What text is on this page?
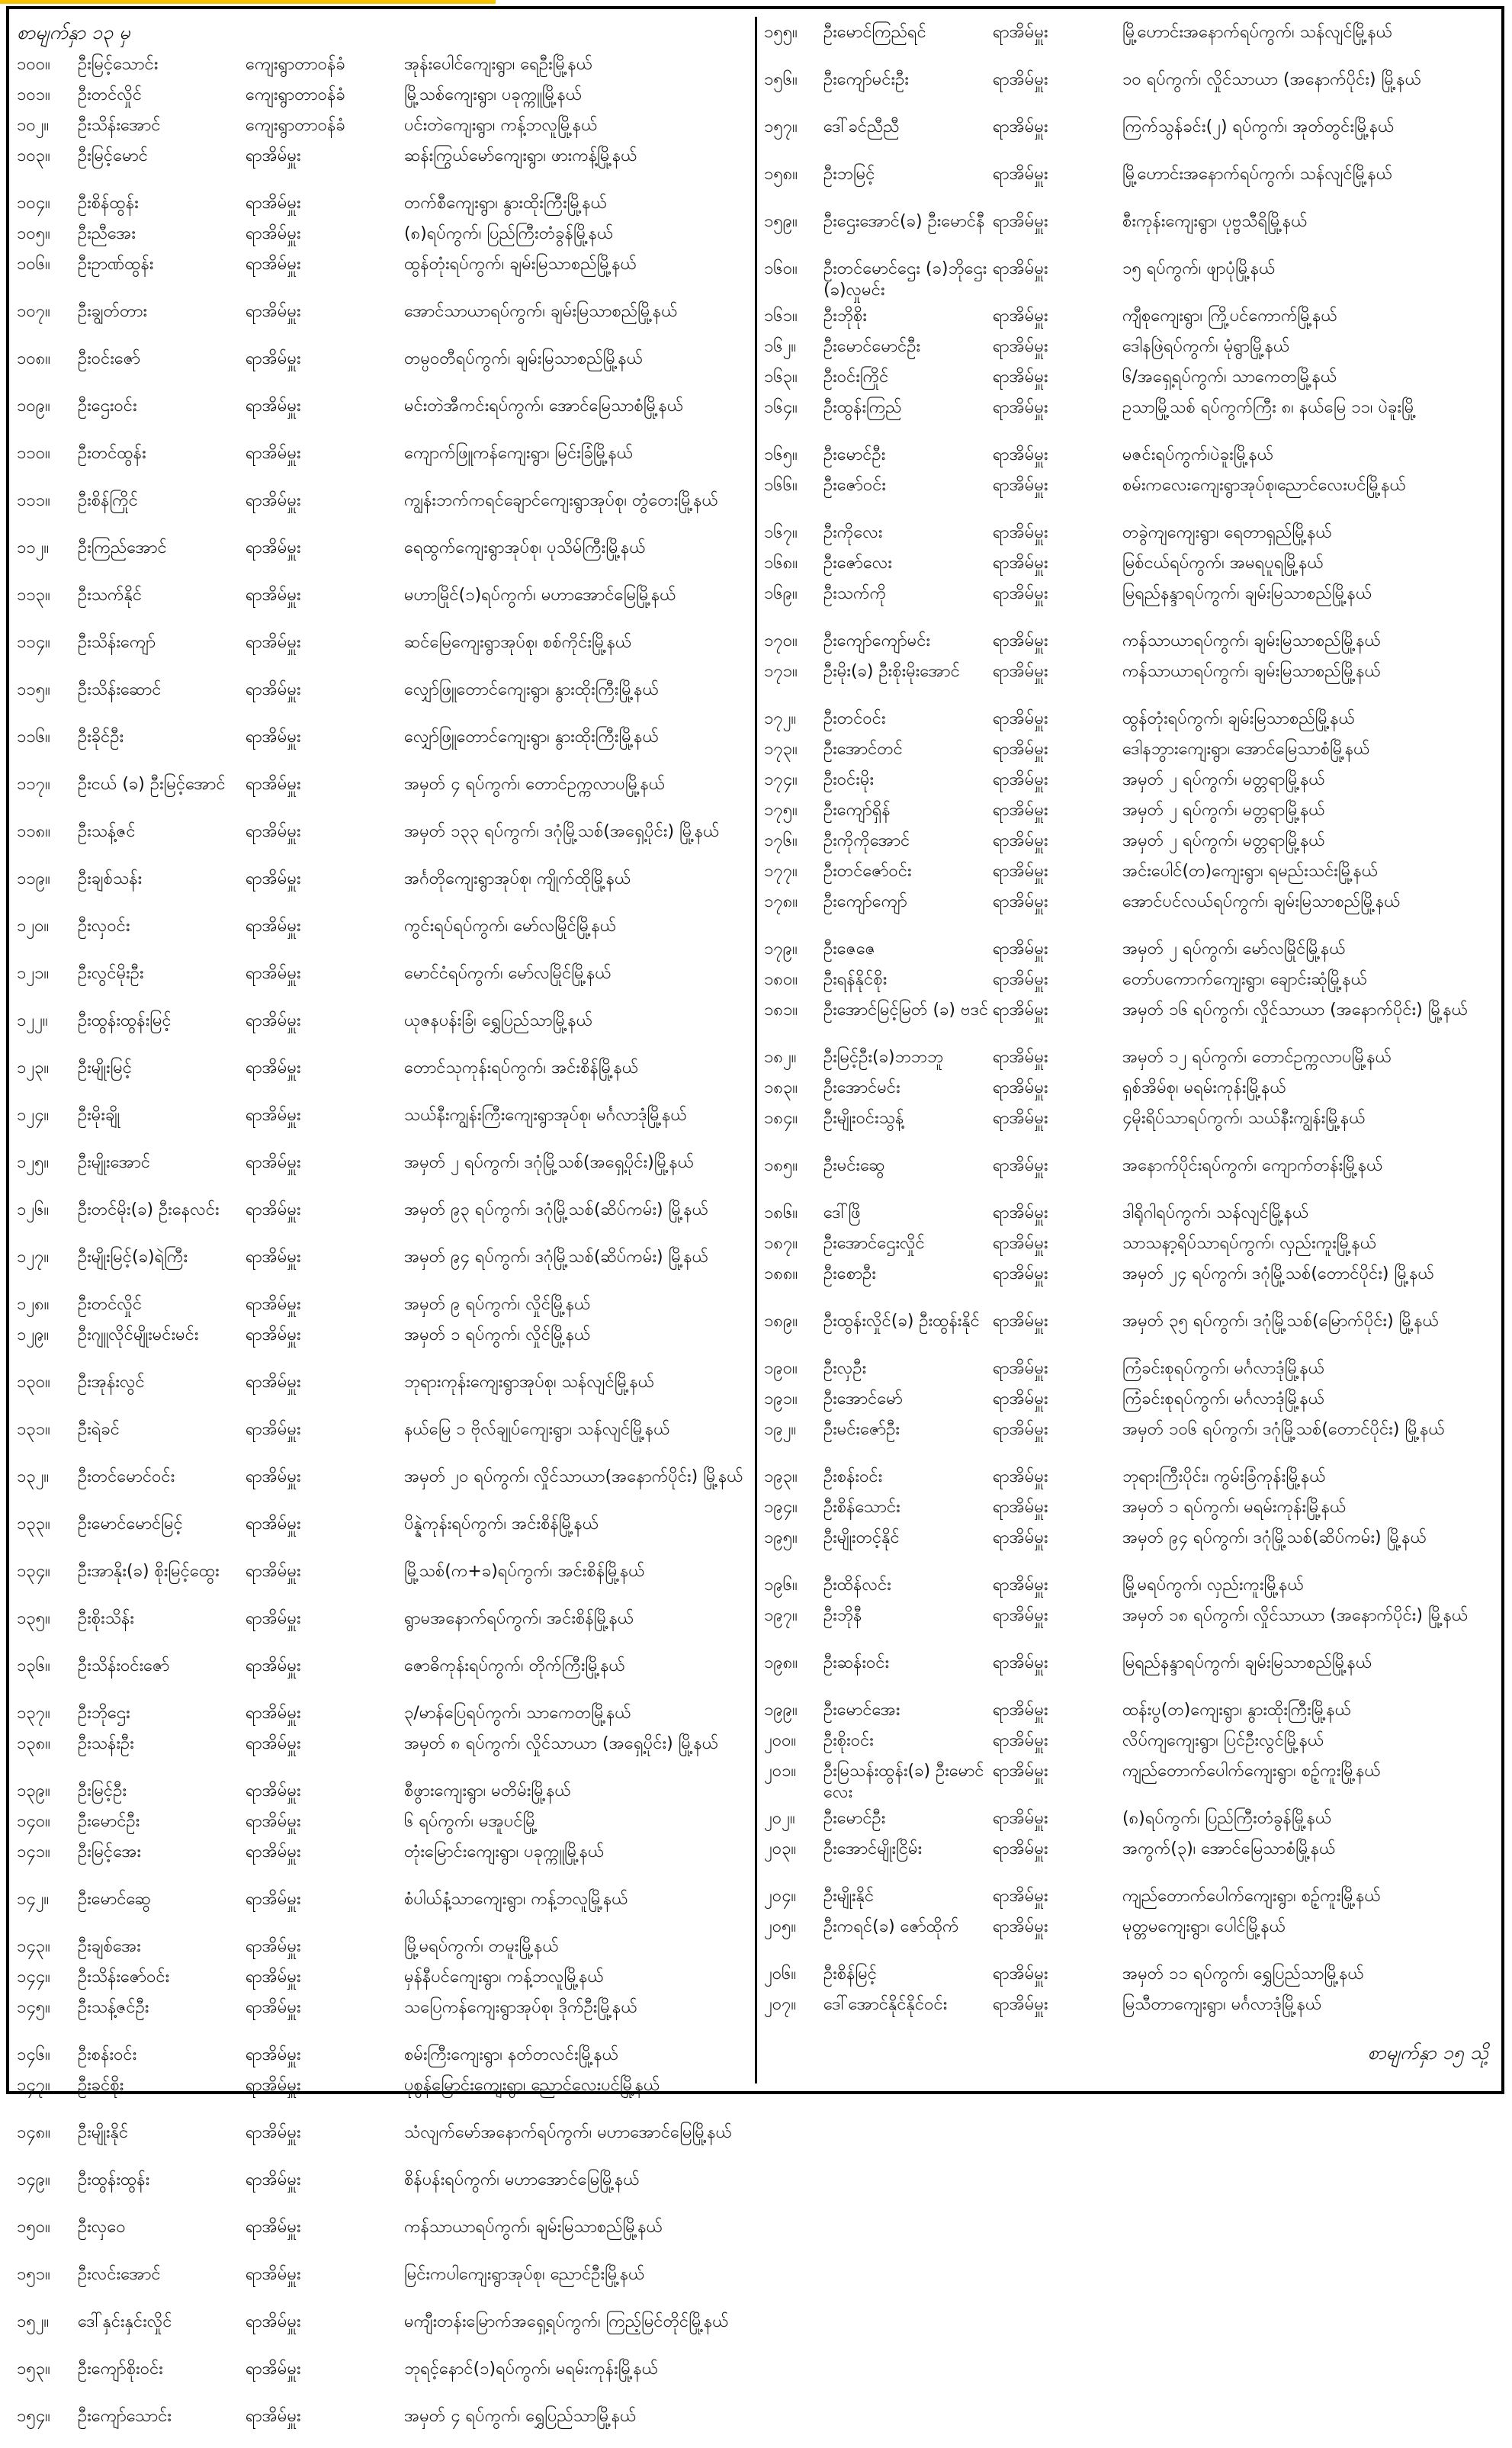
စာမျက်နှာ ၁၃ မှ
၁၀၀။ ဦးမြင့်သောင်း	ကျေးရွာတာဝန်ခံ	အုန်းပေါင်ကျေးရွာ၊ ရေဦးမြို့နယ်
၁၀၁။ ဦးတင်လှိုင်	ကျေးရွာတာဝန်ခံ	မြို့သစ်ကျေးရွာ၊ ပခုက္ကူမြို့နယ်
၁၀၂။ ဦးသိန်းအောင်	ကျေးရွာတာဝန်ခံ	ပင်းတဲကျေးရွာ၊ ကန့်ဘလူမြို့နယ်
၁၀၃။ ဦးမြင့်မောင်	ရာအိမ်မှူး	ဆန်းကြွယ်မော်ကျေးရွာ၊ ဖားကန့်မြို့နယ်
၁၀၄။ ဦးစိန်ထွန်း	ရာအိမ်မှူး	တက်စီကျေးရွာ၊ နွားထိုးကြီးမြို့နယ်
၁၀၅။ ဦးညီအေး	ရာအိမ်မှူး	(၈)ရပ်ကွက်၊ ပြည်ကြီးတံခွန်မြို့နယ်
၁၀၆။ ဦးဥာဏ်ထွန်း	ရာအိမ်မှူး	ထွန်တုံးရပ်ကွက်၊ ချမ်းမြသာစည်မြို့နယ်
၁၀၇။ ဦးချွတ်တား	ရာအိမ်မှူး	အောင်သာယာရပ်ကွက်၊ ချမ်းမြသာစည်မြို့နယ်
၁၀၈။ ဦးဝင်းဇော်	ရာအိမ်မှူး	တမ္ပဝတီရပ်ကွက်၊ ချမ်းမြသာစည်မြို့နယ်
၁၀၉။ ဦးဌေးဝင်း	ရာအိမ်မှူး	မင်းတဲအီကင်းရပ်ကွက်၊ အောင်မြေသာစံမြို့နယ်
၁၁၀။ ဦးတင်ထွန်း	ရာအိမ်မှူး	ကျောက်ဖြူကန်ကျေးရွာ၊ မြင်းခြံမြို့နယ်
၁၁၁။ ဦးစိန်ကြိုင်	ရာအိမ်မှူး	ကျွန်းဘက်ကရင်ချောင်ကျေးရွာအုပ်စု၊ တွံတေးမြို့နယ်
၁၁၂။ ဦးကြည်အောင်	ရာအိမ်မှူး	ရေထွက်ကျေးရွာအုပ်စု၊ ပုသိမ်ကြီးမြို့နယ်
၁၁၃။ ဦးသက်နိုင်	ရာအိမ်မှူး	မဟာမြိုင်(၁)ရပ်ကွက်၊ မဟာအောင်မြေမြို့နယ်
၁၁၄။ ဦးသိန်းကျော်	ရာအိမ်မှူး	ဆင်မြေကျေးရွာအုပ်စု၊ စစ်ကိုင်းမြို့နယ်
၁၁၅။ ဦးသိန်းဆောင်	ရာအိမ်မှူး	လျှော်ဖြူတောင်ကျေးရွာ၊ နွားထိုးကြီးမြို့နယ်
၁၁၆။ ဦးခိုင်ဦး	ရာအိမ်မှူး	လျှော်ဖြူတောင်ကျေးရွာ၊ နွားထိုးကြီးမြို့နယ်
၁၁၇။ ဦးငယ် (ခ) ဦးမြင့်အောင် ရာအိမ်မှူး	အမှတ် ၄ ရပ်ကွက်၊ တောင်ဥက္ကလာပမြို့နယ်
၁၁၈။ ဦးသန့်ဇင်	ရာအိမ်မှူး	အမှတ် ၁၃၃ ရပ်ကွက်၊ ဒဂုံမြို့သစ်(အရှေ့ပိုင်း) မြို့နယ်
၁၁၉။ ဦးချစ်သန်း	ရာအိမ်မှူး	အင်္ဂတိုကျေးရွာအုပ်စု၊ ကျိုက်ထိုမြို့နယ်
၁၂၀။ ဦးလှဝင်း	ရာအိမ်မှူး	ကွင်းရပ်ရပ်ကွက်၊ မော်လမြိုင်မြို့နယ်
၁၂၁။ ဦးလွင်မိုးဦး	ရာအိမ်မှူး	မောင်ငံရပ်ကွက်၊ မော်လမြိုင်မြို့နယ်
၁၂၂။ ဦးထွန်းထွန်းမြင့်	ရာအိမ်မှူး	ယုဇနပန်းခြံ၊ ရွှေပြည်သာမြို့နယ်
၁၂၃။ ဦးမျိုးမြင့်	ရာအိမ်မှူး	တောင်သုကုန်းရပ်ကွက်၊ အင်းစိန်မြို့နယ်
၁၂၄။ ဦးမိုးချို	ရာအိမ်မှူး	သယ်နီးကျွန်းကြီးကျေးရွာအုပ်စု၊ မင်္ဂလာဒုံမြို့နယ်
၁၂၅။ ဦးမျိုးအောင်	ရာအိမ်မှူး	အမှတ် ၂ ရပ်ကွက်၊ ဒဂုံမြို့သစ်(အရှေ့ပိုင်း)မြို့နယ်
၁၂၆။ ဦးတင်မိုး(ခ) ဦးနေလင်း ရာအိမ်မှူး	အမှတ် ၉၃ ရပ်ကွက်၊ ဒဂုံမြို့သစ်(ဆိပ်ကမ်း) မြို့နယ်
၁၂၇။ ဦးမျိုးမြင့်(ခ)ရဲကြီး	ရာအိမ်မှူး	အမှတ် ၉၄ ရပ်ကွက်၊ ဒဂုံမြို့သစ်(ဆိပ်ကမ်း) မြို့နယ်
၁၂၈။ ဦးတင်လှိုင်	ရာအိမ်မှူး	အမှတ် ၉ ရပ်ကွက်၊ လှိုင်မြို့နယ်
၁၂၉။ ဦးဂျူလိုင်မျိုးမင်းမင်း	ရာအိမ်မှူး	အမှတ် ၁ ရပ်ကွက်၊ လှိုင်မြို့နယ်
၁၃၀။ ဦးအုန်းလွင်	ရာအိမ်မှူး	ဘုရားကုန်းကျေးရွာအုပ်စု၊ သန်လျင်မြို့နယ်
၁၃၁။ ဦးရဲခင်	ရာအိမ်မှူး	နယ်မြေ ၁ ဗိုလ်ချုပ်ကျေးရွာ၊ သန်လျင်မြို့နယ်
၁၃၂။ ဦးတင်မောင်ဝင်း	ရာအိမ်မှူး	အမှတ် ၂၀ ရပ်ကွက်၊ လှိုင်သာယာ(အနောက်ပိုင်း) မြို့နယ်
၁၃၃။ ဦးမောင်မောင်မြင့်	ရာအိမ်မှူး	ပိန္နဲကုန်းရပ်ကွက်၊ အင်းစိန်မြို့နယ်
၁၃၄။ ဦးအာနိုး(ခ) စိုးမြင့်ထွေး ရာအိမ်မှူး	မြို့သစ်(က+ခ)ရပ်ကွက်၊ အင်းစိန်မြို့နယ်
၁၃၅။ ဦးစိုးသိန်း	ရာအိမ်မှူး	ရွာမအနောက်ရပ်ကွက်၊ အင်းစိန်မြို့နယ်
၁၃၆။ ဦးသိန်းဝင်းဇော်	ရာအိမ်မှူး	ဇောဓိကုန်းရပ်ကွက်၊ တိုက်ကြီးမြို့နယ်
၁၃၇။ ဦးဘိုဌေး	ရာအိမ်မှူး	၃/မာန်ပြေရပ်ကွက်၊ သာကေတမြို့နယ်
၁၃၈။ ဦးသန်းဦး	ရာအိမ်မှူး	အမှတ် ၈ ရပ်ကွက်၊ လှိုင်သာယာ (အရှေ့ပိုင်း) မြို့နယ်
၁၃၉။ ဦးမြင့်ဦး	ရာအိမ်မှူး	စီဖွားကျေးရွာ၊ မတိမ်းမြို့နယ်
၁၄၀။ ဦးမောင်ဦး	ရာအိမ်မှူး	၆ ရပ်ကွက်၊ မအူပင်မြို့
၁၄၁။ ဦးမြင့်အေး	ရာအိမ်မှူး	တုံးမြောင်းကျေးရွာ၊ ပခုက္ကူမြို့နယ်
၁၄၂။ ဦးမောင်ဆွေ	ရာအိမ်မှူး	စံပါယ်နံ့သာကျေးရွာ၊ ကန့်ဘလူမြို့နယ်
၁၄၃။ ဦးချစ်အေး	ရာအိမ်မှူး	မြို့မရပ်ကွက်၊ တမူးမြို့နယ်
၁၄၄။ ဦးသိန်းဇော်ဝင်း	ရာအိမ်မှူး	မှန်နီပင်ကျေးရွာ၊ ကန့်ဘလူမြို့နယ်
၁၄၅။ ဦးသန့်ဇင်ဦး	ရာအိမ်မှူး	သပြေကန်ကျေးရွာအုပ်စု၊ ဒိုက်ဦးမြို့နယ်
၁၄၆။ ဦးစန်းဝင်း	ရာအိမ်မှူး	စမ်းကြီးကျေးရွာ၊ နတ်တလင်းမြို့နယ်
၁၄၇။ ဦးခင်စိုး	ရာအိမ်မှူး	ပုစွန်မြောင်းကျေးရွာ၊ ညောင်လေးပင်မြို့နယ်
၁၄၈။ ဦးမျိုးနိုင်	ရာအိမ်မှူး	သံလျက်မော်အနောက်ရပ်ကွက်၊ မဟာအောင်မြေမြို့နယ်
၁၄၉။ ဦးထွန်းထွန်း	ရာအိမ်မှူး	စိန်ပန်းရပ်ကွက်၊ မဟာအောင်မြေမြို့နယ်
၁၅၀။ ဦးလှဝေ	ရာအိမ်မှူး	ကန်သာယာရပ်ကွက်၊ ချမ်းမြသာစည်မြို့နယ်
၁၅၁။ ဦးလင်းအောင်	ရာအိမ်မှူး	မြင်းကပါကျေးရွာအုပ်စု၊ ညောင်ဦးမြို့နယ်
၁၅၂။ ဒေါ်နှင်းနှင်းလှိုင်	ရာအိမ်မှူး	မကျီးတန်းမြောက်အရှေ့ရပ်ကွက်၊ ကြည့်မြင်တိုင်မြို့နယ်
၁၅၃။ ဦးကျော်စိုးဝင်း	ရာအိမ်မှူး	ဘုရင့်နောင်(၁)ရပ်ကွက်၊ မရမ်းကုန်းမြို့နယ်
၁၅၄။ ဦးကျော်သောင်း	ရာအိမ်မှူး	အမှတ် ၄ ရပ်ကွက်၊ ရွှေပြည်သာမြို့နယ်
၁၅၅။ ဦးမောင်ကြည်ရင်	ရာအိမ်မှူး	မြို့ဟောင်းအနောက်ရပ်ကွက်၊ သန်လျင်မြို့နယ်
၁၅၆။ ဦးကျော်မင်းဦး	ရာအိမ်မှူး	၁၀ ရပ်ကွက်၊ လှိုင်သာယာ (အနောက်ပိုင်း) မြို့နယ်
၁၅၇။ ဒေါ်ခင်ညီညီ	ရာအိမ်မှူး	ကြက်သွန်ခင်း(၂) ရပ်ကွက်၊ အုတ်တွင်းမြို့နယ်
၁၅၈။ ဦးဘမြင့်	ရာအိမ်မှူး	မြို့ဟောင်းအနောက်ရပ်ကွက်၊ သန်လျင်မြို့နယ်
၁၅၉။ ဦးဌေးအောင်(ခ) ဦးမောင်နီ ရာအိမ်မှူး	စီးကုန်းကျေးရွာ၊ ပုဗ္ဗသီရိမြို့နယ်
၁၆၀။ ဦးတင်မောင်ဌေး (ခ)ဘိုဌေး (ခ)လှုမင်း
ရာအိမ်မှူး	၁၅ ရပ်ကွက်၊ ဖျာပုံမြို့နယ်
၁၆၁။ ဦးဘိုစိုး	ရာအိမ်မှူး	ကျီစုကျေးရွာ၊ ကြို့ပင်ကောက်မြို့နယ်
၁၆၂။ ဦးမောင်မောင်ဦး	ရာအိမ်မှူး	ဒေါနဖြဲရပ်ကွက်၊ မုံရွာမြို့နယ်
၁၆၃။ ဦးဝင်းကြိုင်	ရာအိမ်မှူး	၆/အရှေ့ရပ်ကွက်၊ သာကေတမြို့နယ်
၁၆၄။ ဦးထွန်းကြည်	ရာအိမ်မှူး	ဥသာမြို့သစ် ရပ်ကွက်ကြီး ၈၊ နယ်မြေ ၁၁၊ ပဲခူးမြို့
၁၆၅။ ဦးမောင်ဦး	ရာအိမ်မှူး	မဇင်းရပ်ကွက်၊ပဲခူးမြို့နယ်
၁၆၆။ ဦးဇော်ဝင်း	ရာအိမ်မှူး	စမ်းကလေးကျေးရွာအုပ်စု၊ညောင်လေးပင်မြို့နယ်
၁၆၇။ ဦးကိုလေး	ရာအိမ်မှူး	တခွဲကျကျေးရွာ၊ ရေတာရှည်မြို့နယ်
၁၆၈။ ဦးဇော်လေး	ရာအိမ်မှူး	မြစ်ငယ်ရပ်ကွက်၊ အမရပူရမြို့နယ်
၁၆၉။ ဦးသက်ကို	ရာအိမ်မှူး	မြရည်နန္ဒာရပ်ကွက်၊ ချမ်းမြသာစည်မြို့နယ်
၁၇၀။ ဦးကျော်ကျော်မင်း	ရာအိမ်မှူး	ကန်သာယာရပ်ကွက်၊ ချမ်းမြသာစည်မြို့နယ်
၁၇၁။ ဦးမိုး(ခ) ဦးစိုးမိုးအောင် ရာအိမ်မှူး	ကန်သာယာရပ်ကွက်၊ ချမ်းမြသာစည်မြို့နယ်
၁၇၂။ ဦးတင်ဝင်း	ရာအိမ်မှူး	ထွန်တုံးရပ်ကွက်၊ ချမ်းမြသာစည်မြို့နယ်
၁၇၃။ ဦးအောင်တင်	ရာအိမ်မှူး	ဒေါနဘွားကျေးရွာ၊ အောင်မြေသာစံမြို့နယ်
၁၇၄။ ဦးဝင်းမိုး	ရာအိမ်မှူး	အမှတ် ၂ ရပ်ကွက်၊ မတ္တရာမြို့နယ်
၁၇၅။ ဦးကျော်ရှိန်	ရာအိမ်မှူး	အမှတ် ၂ ရပ်ကွက်၊ မတ္တရာမြို့နယ်
၁၇၆။ ဦးကိုကိုအောင်	ရာအိမ်မှူး	အမှတ် ၂ ရပ်ကွက်၊ မတ္တရာမြို့နယ်
၁၇၇။ ဦးတင်ဇော်ဝင်း	ရာအိမ်မှူး	အင်းပေါင်(တ)ကျေးရွာ၊ ရမည်းသင်းမြို့နယ်
၁၇၈။ ဦးကျော်ကျော်	ရာအိမ်မှူး	အောင်ပင်လယ်ရပ်ကွက်၊ ချမ်းမြသာစည်မြို့နယ်
၁၇၉။ ဦးဇေဇေ	ရာအိမ်မှူး	အမှတ် ၂ ရပ်ကွက်၊ မော်လမြိုင်မြို့နယ်
၁၈၀။ ဦးရန်နိုင်စိုး	ရာအိမ်မှူး	တော်ပကောက်ကျေးရွာ၊ ချောင်းဆုံမြို့နယ်
၁၈၁။ ဦးအောင်မြင့်မြတ် (ခ) ဗဒင် ရာအိမ်မှူး	အမှတ် ၁၆ ရပ်ကွက်၊ လှိုင်သာယာ (အနောက်ပိုင်း) မြို့နယ်
၁၈၂။ ဦးမြင့်ဦး(ခ)ဘဘဘူ	ရာအိမ်မှူး	အမှတ် ၁၂ ရပ်ကွက်၊ တောင်ဥက္ကလာပမြို့နယ်
၁၈၃။ ဦးအောင်မင်း	ရာအိမ်မှူး	ရှစ်အိမ်စု၊ မရမ်းကုန်းမြို့နယ်
၁၈၄။ ဦးမျိုးဝင်းသွန့်	ရာအိမ်မှူး	၄မိုးရိပ်သာရပ်ကွက်၊ သယ်နီးကျွန်းမြို့နယ်
၁၈၅။ ဦးမင်းဆွေ	ရာအိမ်မှူး	အနောက်ပိုင်းရပ်ကွက်၊ ကျောက်တန်းမြို့နယ်
၁၈၆။ ဒေါ်ဖြိ	ရာအိမ်မှူး	ဒါရိုဂါရပ်ကွက်၊ သန်လျင်မြို့နယ်
၁၈၇။ ဦးအောင်ဌေးလှိုင်	ရာအိမ်မှူး	သာသနာ့ရိပ်သာရပ်ကွက်၊ လှည်းကူးမြို့နယ်
၁၈၈။ ဦးစောဦး	ရာအိမ်မှူး	အမှတ် ၂၄ ရပ်ကွက်၊ ဒဂုံမြို့သစ်(တောင်ပိုင်း) မြို့နယ်
၁၈၉။ ဦးထွန်းလှိုင်(ခ) ဦးထွန်းနိုင် ရာအိမ်မှူး	အမှတ် ၃၅ ရပ်ကွက်၊ ဒဂုံမြို့သစ်(မြောက်ပိုင်း) မြို့နယ်
၁၉၀။ ဦးလှဦး	ရာအိမ်မှူး	ကြံခင်းစုရပ်ကွက်၊ မင်္ဂလာဒုံမြို့နယ်
၁၉၁။ ဦးအောင်မော်	ရာအိမ်မှူး	ကြံခင်းစုရပ်ကွက်၊ မင်္ဂလာဒုံမြို့နယ်
၁၉၂။ ဦးမင်းဇော်ဦး	ရာအိမ်မှူး	အမှတ် ၁၀၆ ရပ်ကွက်၊ ဒဂုံမြို့သစ်(တောင်ပိုင်း) မြို့နယ်
၁၉၃။ ဦးစန်းဝင်း	ရာအိမ်မှူး	ဘုရားကြီးပိုင်း၊ ကွမ်းခြံကုန်းမြို့နယ်
၁၉၄။ ဦးစိန်သောင်း	ရာအိမ်မှူး	အမှတ် ၁ ရပ်ကွက်၊ မရမ်းကုန်းမြို့နယ်
၁၉၅။ ဦးမျိုးတင့်နိုင်	ရာအိမ်မှူး	အမှတ် ၉၄ ရပ်ကွက်၊ ဒဂုံမြို့သစ်(ဆိပ်ကမ်း) မြို့နယ်
၁၉၆။ ဦးထိန်လင်း	ရာအိမ်မှူး	မြို့မရပ်ကွက်၊ လှည်းကူးမြို့နယ်
၁၉၇။ ဦးဘိုနီ	ရာအိမ်မှူး	အမှတ် ၁၈ ရပ်ကွက်၊ လှိုင်သာယာ (အနောက်ပိုင်း) မြို့နယ်
၁၉၈။ ဦးဆန်းဝင်း	ရာအိမ်မှူး	မြရည်နန္ဒာရပ်ကွက်၊ ချမ်းမြသာစည်မြို့နယ်
၁၉၉။ ဦးမောင်အေး	ရာအိမ်မှူး	ထန်းပွ(တ)ကျေးရွာ၊ နွားထိုးကြီးမြို့နယ်
၂၀၀။ ဦးစိုးဝင်း	ရာအိမ်မှူး	လိပ်ကျကျေးရွာ၊ ပြင်ဦးလွင်မြို့နယ်
၂၀၁။ ဦးမြသန်းထွန်း(ခ) ဦးမောင်လေး
ရာအိမ်မှူး	ကျည်တောက်ပေါက်ကျေးရွာ၊ စဥ့်ကူးမြို့နယ်
၂၀၂။ ဦးမောင်ဦး	ရာအိမ်မှူး	(၈)ရပ်ကွက်၊ ပြည်ကြီးတံခွန်မြို့နယ်
၂၀၃။ ဦးအောင်မျိုးငြိမ်း	ရာအိမ်မှူး	အကွက်(၃)၊ အောင်မြေသာစံမြို့နယ်
၂၀၄။ ဦးမျိုးနိုင်	ရာအိမ်မှူး	ကျည်တောက်ပေါက်ကျေးရွာ၊ စဥ့်ကူးမြို့နယ်
၂၀၅။ ဦးကရင်(ခ) ဇော်ထိုက် ရာအိမ်မှူး	မုတ္တမကျေးရွာ၊ ပေါင်မြို့နယ်
၂၀၆။ ဦးစိန်မြင့်	ရာအိမ်မှူး	အမှတ် ၁၁ ရပ်ကွက်၊ ရွှေပြည်သာမြို့နယ်
၂၀၇။ ဒေါ်အောင်နိုင်နိုင်ဝင်း	ရာအိမ်မှူး	မြသီတာကျေးရွာ၊ မင်္ဂလာဒုံမြို့နယ်
စာမျက်နှာ ၁၅ သို့
